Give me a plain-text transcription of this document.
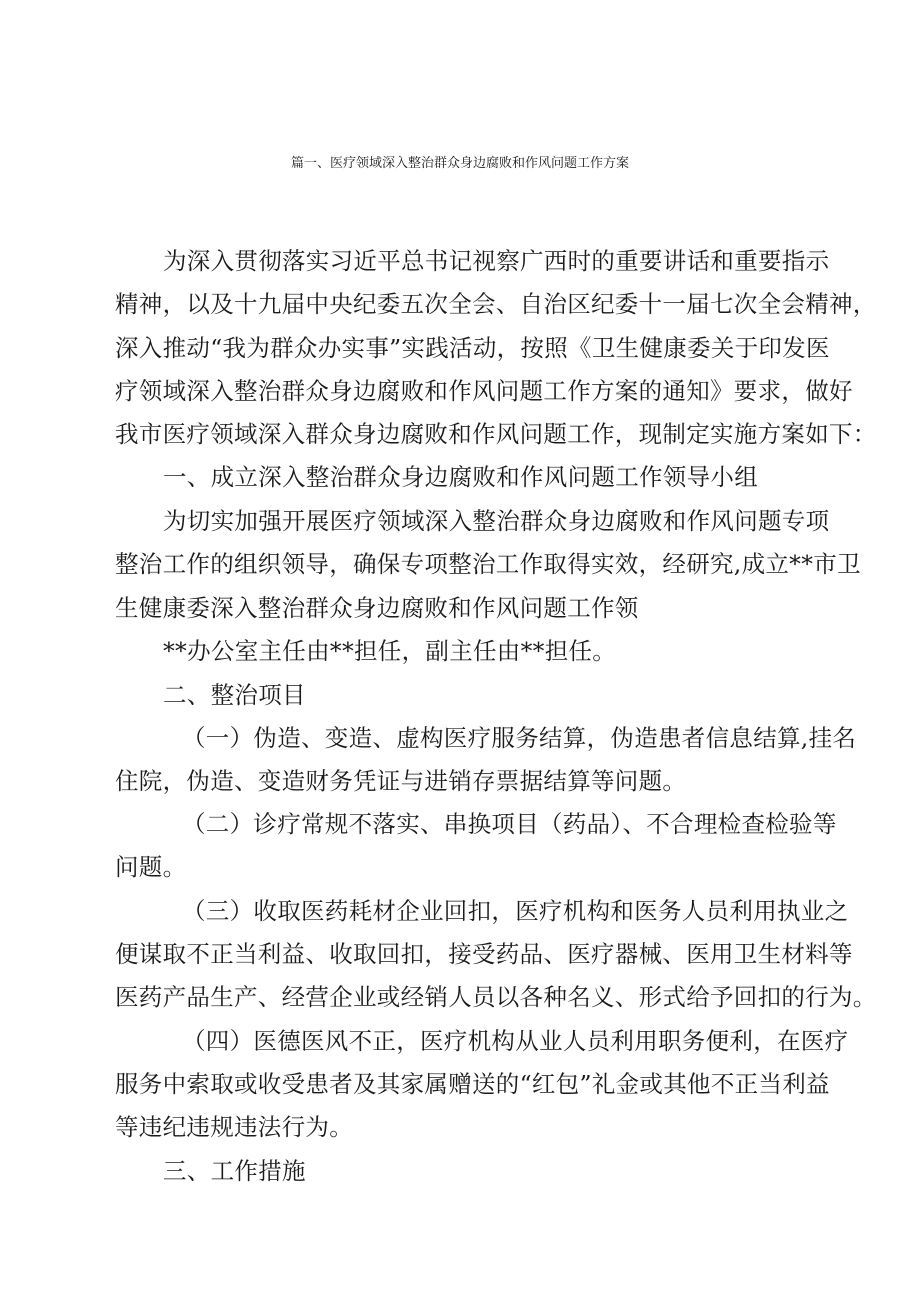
篇一、医疗领域深入整治群众身边腐败和作风问题工作方案
为深入贯彻落实习近平总书记视察广西时的重要讲话和重要指示
精神，以及十九届中央纪委五次全会、自治区纪委十一届七次全会精神，
深入推动“我为群众办实事”实践活动，按照《卫生健康委关于印发医
疗领域深入整治群众身边腐败和作风问题工作方案的通知》要求，做好
我市医疗领域深入群众身边腐败和作风问题工作，现制定实施方案如下：
一、成立深入整治群众身边腐败和作风问题工作领导小组
为切实加强开展医疗领域深入整治群众身边腐败和作风问题专项
整治工作的组织领导，确保专项整治工作取得实效，经研究,成立**市卫
生健康委深入整治群众身边腐败和作风问题工作领
**办公室主任由**担任，副主任由**担任。
二、整治项目
（一）伪造、变造、虚构医疗服务结算，伪造患者信息结算,挂名
住院，伪造、变造财务凭证与进销存票据结算等问题。
（二）诊疗常规不落实、串换项目（药品）、不合理检查检验等
问题。
（三）收取医药耗材企业回扣，医疗机构和医务人员利用执业之
便谋取不正当利益、收取回扣，接受药品、医疗器械、医用卫生材料等
医药产品生产、经营企业或经销人员以各种名义、形式给予回扣的行为。
（四）医德医风不正，医疗机构从业人员利用职务便利，在医疗
服务中索取或收受患者及其家属赠送的“红包”礼金或其他不正当利益
等违纪违规违法行为。
三、工作措施
